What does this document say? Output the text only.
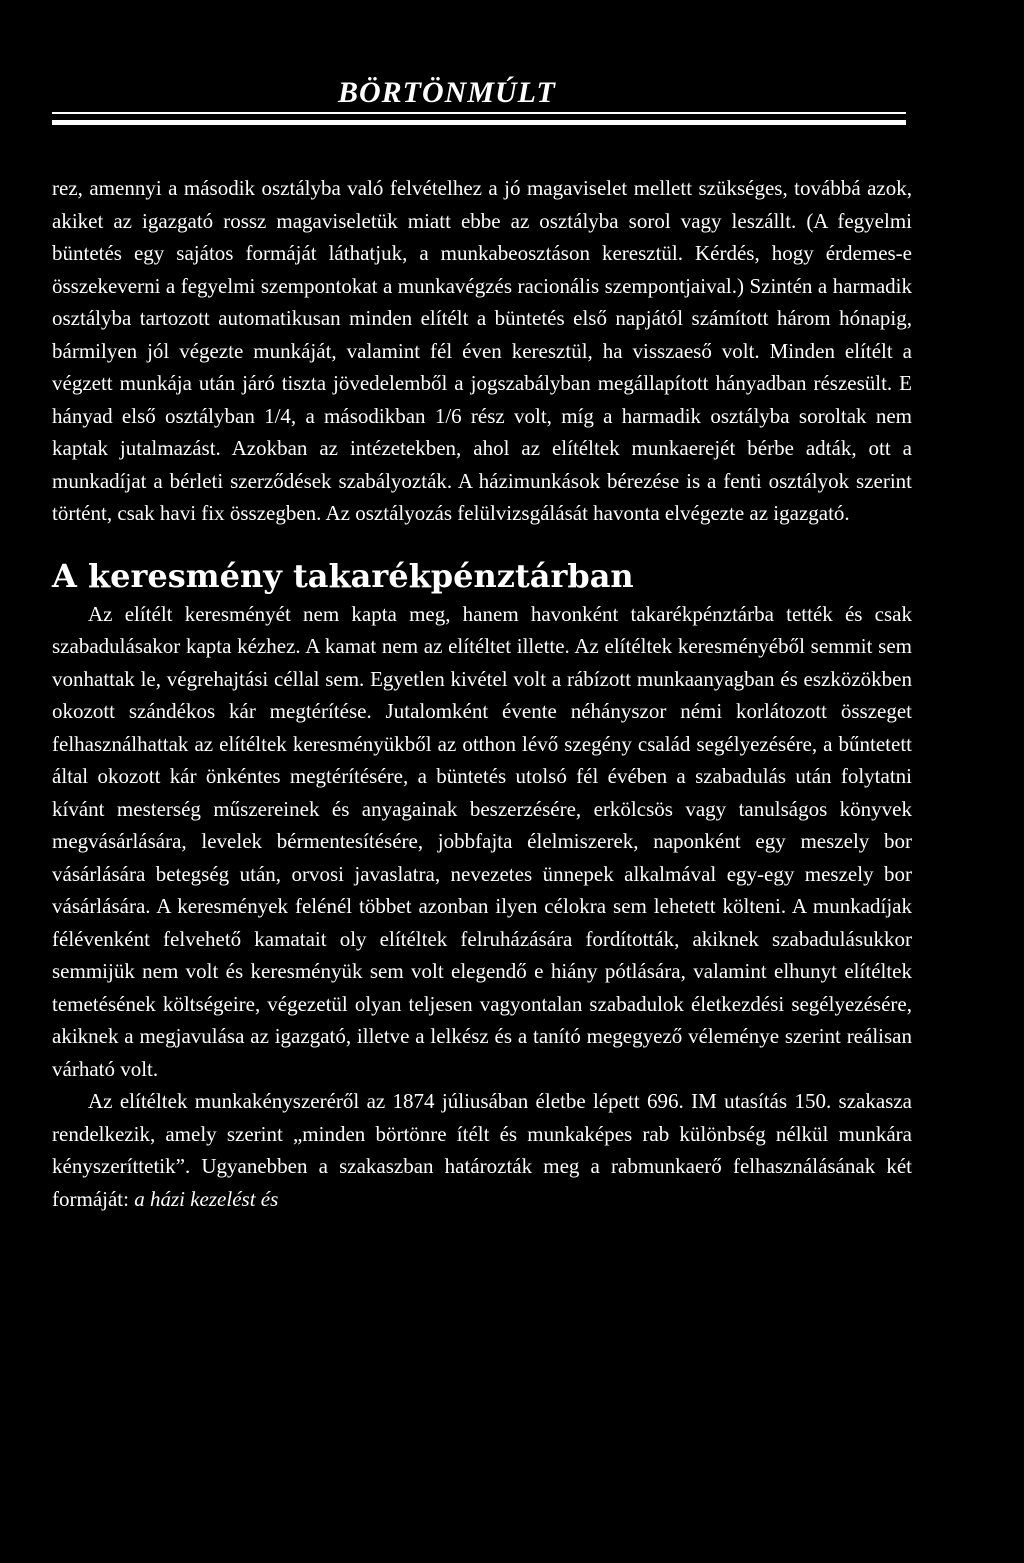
BÖRTÖNMÚLT

rez, amennyi a második osztályba való felvételhez a jó magaviselet mellett szükséges, továbbá azok, akiket az igazgató rossz magaviseletük miatt ebbe az osztályba sorol vagy leszállt. (A fegyelmi büntetés egy sajátos formáját láthatjuk, a munkabeosztáson keresztül. Kérdés, hogy érdemes-e összekeverni a fegyelmi szempontokat a munkavégzés racionális szempontjaival.) Szintén a harmadik osztályba tartozott automatikusan minden elítélt a büntetés első napjától számított három hónapig, bármilyen jól végezte munkáját, valamint fél éven keresztül, ha visszaeső volt. Minden elítélt a végzett munkája után járó tiszta jövedelemből a jogszabályban megállapított hányadban részesült. E hányad első osztályban 1/4, a másodikban 1/6 rész volt, míg a harmadik osztályba soroltak nem kaptak jutalmazást. Azokban az intézetekben, ahol az elítéltek munkaerejét bérbe adták, ott a munkadíjat a bérleti szerződések szabályozták. A házimunkások bérezése is a fenti osztályok szerint történt, csak havi fix összegben. Az osztályozás felülvizsgálását havonta elvégezte az igazgató.

A keresmény takarékpénztárban

Az elítélt keresményét nem kapta meg, hanem havonként takarékpénztárba tették és csak szabadulásakor kapta kézhez. A kamat nem az elítéltet illette. Az elítéltek keresményéből semmit sem vonhattak le, végrehajtási céllal sem. Egyetlen kivétel volt a rábízott munkaanyagban és eszközökben okozott szándékos kár megtérítése. Jutalomként évente néhányszor némi korlátozott összeget felhasználhattak az elítéltek keresményükből az otthon lévő szegény család segélyezésére, a bűntetett által okozott kár önkéntes megtérítésére, a büntetés utolsó fél évében a szabadulás után folytatni kívánt mesterség műszereinek és anyagainak beszerzésére, erkölcsös vagy tanulságos könyvek megvásárlására, levelek bérmentesítésére, jobbfajta élelmiszerek, naponként egy meszely bor vásárlására betegség után, orvosi javaslatra, nevezetes ünnepek alkalmával egy-egy meszely bor vásárlására. A keresmények felénél többet azonban ilyen célokra sem lehetett költeni. A munkadíjak félévenként felvehető kamatait oly elítéltek felruházására fordították, akiknek szabadulásukkor semmijük nem volt és keresményük sem volt elegendő e hiány pótlására, valamint elhunyt elítéltek temetésének költségeire, végezetül olyan teljesen vagyontalan szabadulok életkezdési segélyezésére, akiknek a megjavulása az igazgató, illetve a lelkész és a tanító megegyező véleménye szerint reálisan várható volt.

Az elítéltek munkakényszeréről az 1874 júliusában életbe lépett 696. IM utasítás 150. szakasza rendelkezik, amely szerint „minden börtönre ítélt és munkaképes rab különbség nélkül munkára kényszeríttetik”. Ugyanebben a szakaszban határozták meg a rabmunkaerő felhasználásának két formáját: a házi kezelést és
